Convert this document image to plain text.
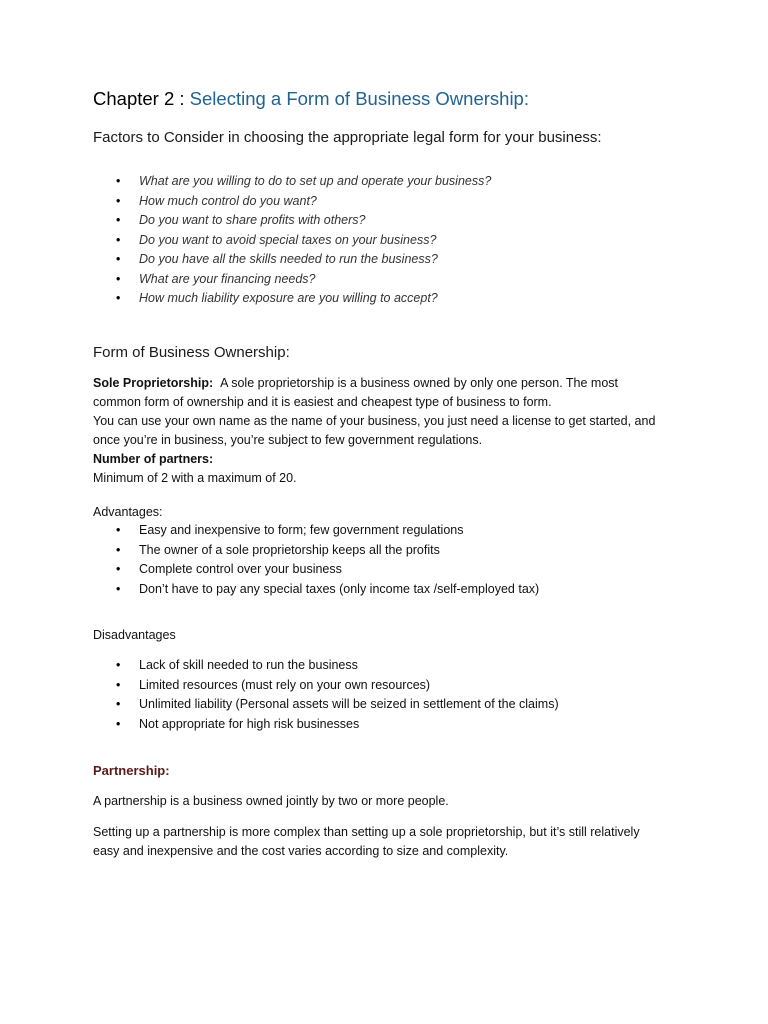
Chapter 2 : Selecting a Form of Business Ownership:
Factors to Consider in choosing the appropriate legal form for your business:
• What are you willing to do to set up and operate your business?
• How much control do you want?
• Do you want to share profits with others?
• Do you want to avoid special taxes on your business?
• Do you have all the skills needed to run the business?
• What are your financing needs?
• How much liability exposure are you willing to accept?
Form of Business Ownership:
Sole Proprietorship: A sole proprietorship is a business owned by only one person. The most
common form of ownership and it is easiest and cheapest type of business to form.
You can use your own name as the name of your business, you just need a license to get started, and
once you’re in business, you’re subject to few government regulations.
Number of partners:
Minimum of 2 with a maximum of 20.
Advantages:
• Easy and inexpensive to form; few government regulations
• The owner of a sole proprietorship keeps all the profits
• Complete control over your business
• Don’t have to pay any special taxes (only income tax /self-employed tax)
Disadvantages
• Lack of skill needed to run the business
• Limited resources (must rely on your own resources)
• Unlimited liability (Personal assets will be seized in settlement of the claims)
• Not appropriate for high risk businesses
Partnership:
A partnership is a business owned jointly by two or more people.
Setting up a partnership is more complex than setting up a sole proprietorship, but it’s still relatively
easy and inexpensive and the cost varies according to size and complexity.
